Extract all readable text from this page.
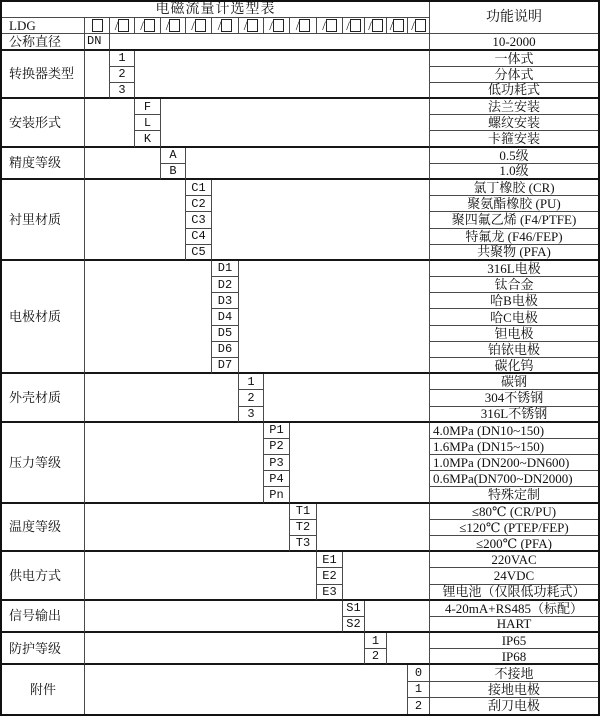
电磁流量计选型表
功能说明
LDG
公称直径	DN	10-2000
/ / / / / / / / / / / / /
转换器类型
1	一体式
2	分体式
3	低功耗式
安装形式
F	法兰安装
L	螺纹安装
K	卡箍安装
精度等级
A	0.5级
B	1.0级
衬里材质
C1	氯丁橡胶 (CR)
C2	聚氨酯橡胶 (PU)
C3	聚四氟乙烯 (F4/PTFE)
C4	特氟龙 (F46/FEP)
C5	共聚物 (PFA)
电极材质
D1	316L电极
D2	钛合金
D3	哈B电极
D4	哈C电极
D5	钽电极
D6	铂铱电极
D7	碳化钨
外壳材质
1	碳钢
2	304不锈钢
3	316L不锈钢
压力等级
P1	4.0MPa (DN10~150)
P2	1.6MPa (DN15~150)
P3	1.0MPa (DN200~DN600)
P4	0.6MPa(DN700~DN2000)
Pn	特殊定制
温度等级
T1	≤80℃ (CR/PU)
T2	≤120℃ (PTEP/FEP)
T3	≤200℃ (PFA)
供电方式
E1	220VAC
E2	24VDC
E3	锂电池（仅限低功耗式）
信号输出
S1	4-20mA+RS485（标配）
S2	HART
防护等级
1	IP65
2	IP68
附件
0	不接地
1	接地电极
2	刮刀电极
